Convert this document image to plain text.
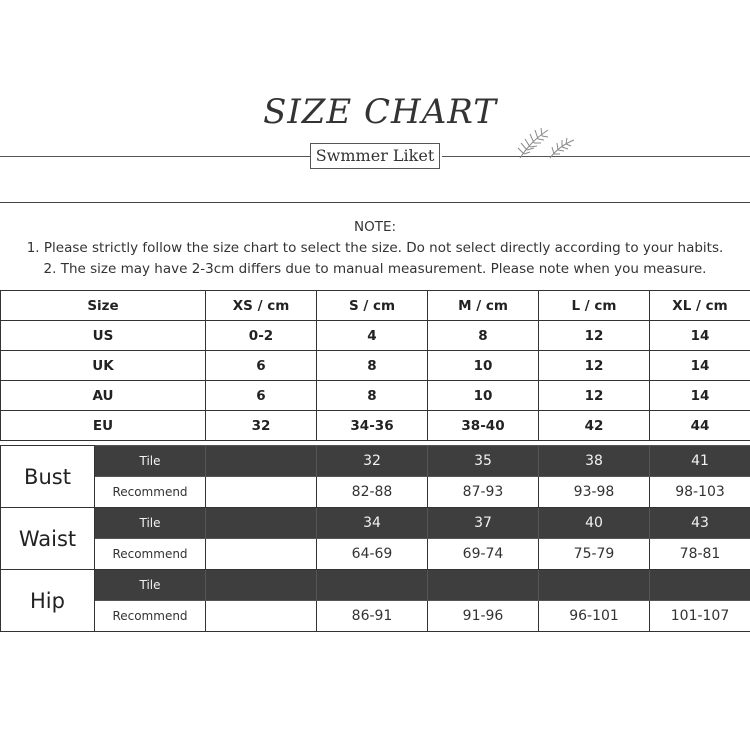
SIZE CHART
Swmmer Liket
NOTE:
1. Please strictly follow the size chart to select the size. Do not select directly according to your habits.
2. The size may have 2-3cm differs due to manual measurement. Please note when you measure.
Size	XS / cm	S / cm	M / cm	L / cm	XL / cm
US	0-2	4	8	12	14
UK	6	8	10	12	14
AU	6	8	10	12	14
EU	32	34-36	38-40	42	44
Bust	Tile		32	35	38	41
	Recommend		82-88	87-93	93-98	98-103
Waist	Tile		34	37	40	43
	Recommend		64-69	69-74	75-79	78-81
Hip	Tile					
	Recommend		86-91	91-96	96-101	101-107
